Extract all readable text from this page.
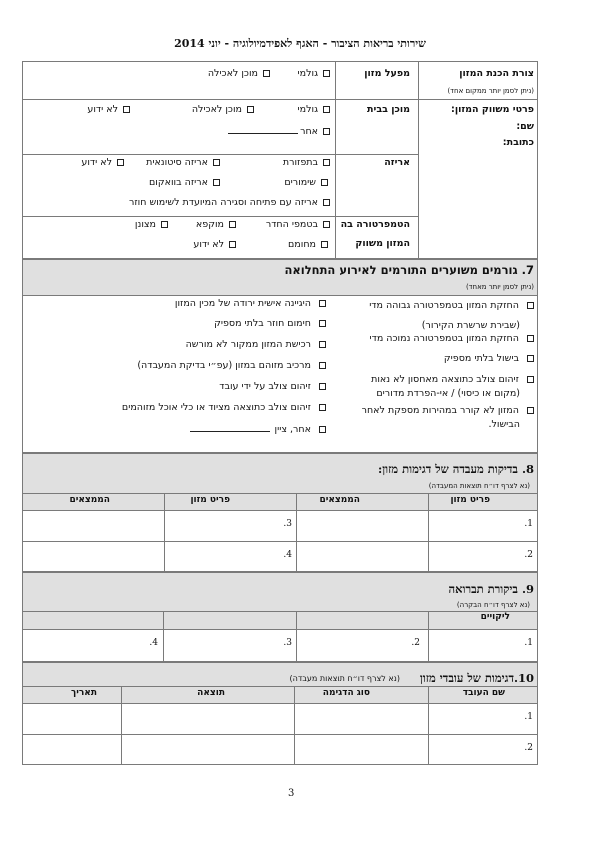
שירותי בריאות הציבור - האגף לאפידמיולוגיה - יוני 2014
צורת הכנת המזון
(ניתן לסמן יותר ממקום אחד)
מפעל מזון
גולמי
מוכן לאכילה
פרטי משווק המזון:
שם:
כתובת:
מוכן בבית
גולמי
מוכן לאכילה
לא ידוע
אחר
אריזה
בתפזורת
אריזה סיטונאית
לא ידוע
שימורים
אריזה בוואקום
אריזה עם פתיחה וסגירה המיועדת לשימוש חוזר
הטמפרטורה בה
המזון משווק
בטמפי החדר
מוקפא
מצונן
מחומם
לא ידוע
7. גורמים משוערים התורמים לאירוע התחלואה
(ניתן לסמן יותר מאחד)
החזקת המזון בטמפרטורה גבוהה מדי
(שבירת שרשרת הקירור)
החזקת המזון בטמפרטורה נמוכה מדי
בישול בלתי מספיק
זיהום צולב כתוצאה מאחסון לא נאות
(מקום או כיסוי) / אי-הפרדת מדורים
המזון לא קורר במהירות מספקת לאחר
הבישול.
היגיינה אישית ירודה של מכין המזון
חימום חוזר בלתי מספיק
רכישת המזון ממקור לא מורשה
מרכיב מזוהם במזון (עפ״י בדיקת המעבדה)
זיהום צולב על ידי עובד
זיהום צולב כתוצאה מציוד או כלי אוכל מזוהמים
אחר, ציין
8. בדיקות מעבדה של דגימות מזון:
(נא לצרף דו״ח תוצאות המעבדה)
פריט מזון
הממצאים
פריט מזון
הממצאים
.1
.3
.2
.4
9. ביקורת תברואה
(נא לצרף דו״ח הבקרה)
ליקויים
.1
.2
.3
.4
10.דגימות של עובדי מזון
(נא לצרף דו״ח תוצאות מעבדה)
שם העובד
סוג הדגימה
תוצאה
תאריך
.1
.2
3
